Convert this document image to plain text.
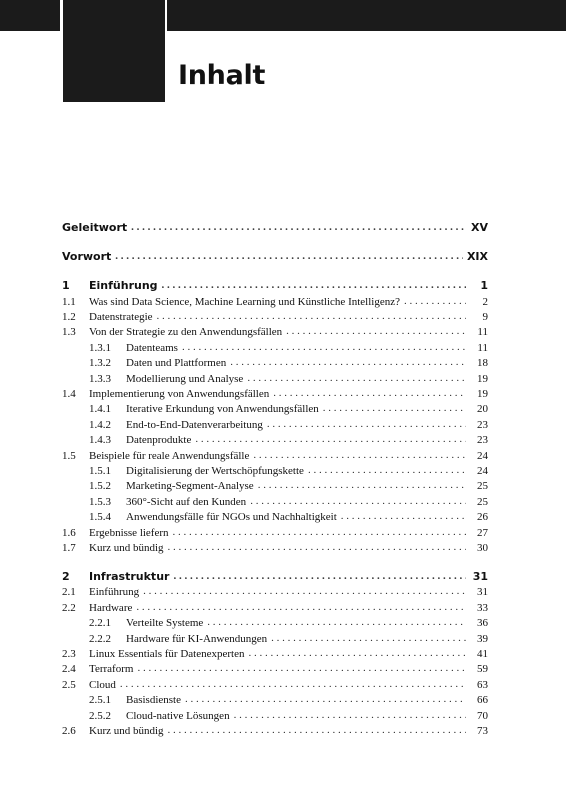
Inhalt
Geleitwort . . .	XV
Vorwort . . .	XIX
1	Einführung . . .	1
1.1	Was sind Data Science, Machine Learning und Künstliche Intelligenz? . . .	2
1.2	Datenstrategie . . .	9
1.3	Von der Strategie zu den Anwendungsfällen . . .	11
1.3.1	Datenteams . . .	11
1.3.2	Daten und Plattformen . . .	18
1.3.3	Modellierung und Analyse . . .	19
1.4	Implementierung von Anwendungsfällen . . .	19
1.4.1	Iterative Erkundung von Anwendungsfällen . . .	20
1.4.2	End-to-End-Datenverarbeitung . . .	23
1.4.3	Datenprodukte . . .	23
1.5	Beispiele für reale Anwendungsfälle . . .	24
1.5.1	Digitalisierung der Wertschöpfungskette . . .	24
1.5.2	Marketing-Segment-Analyse . . .	25
1.5.3	360°-Sicht auf den Kunden . . .	25
1.5.4	Anwendungsfälle für NGOs und Nachhaltigkeit . . .	26
1.6	Ergebnisse liefern . . .	27
1.7	Kurz und bündig . . .	30
2	Infrastruktur . . .	31
2.1	Einführung . . .	31
2.2	Hardware . . .	33
2.2.1	Verteilte Systeme . . .	36
2.2.2	Hardware für KI-Anwendungen . . .	39
2.3	Linux Essentials für Datenexperten . . .	41
2.4	Terraform . . .	59
2.5	Cloud . . .	63
2.5.1	Basisdienste . . .	66
2.5.2	Cloud-native Lösungen . . .	70
2.6	Kurz und bündig . . .	73
